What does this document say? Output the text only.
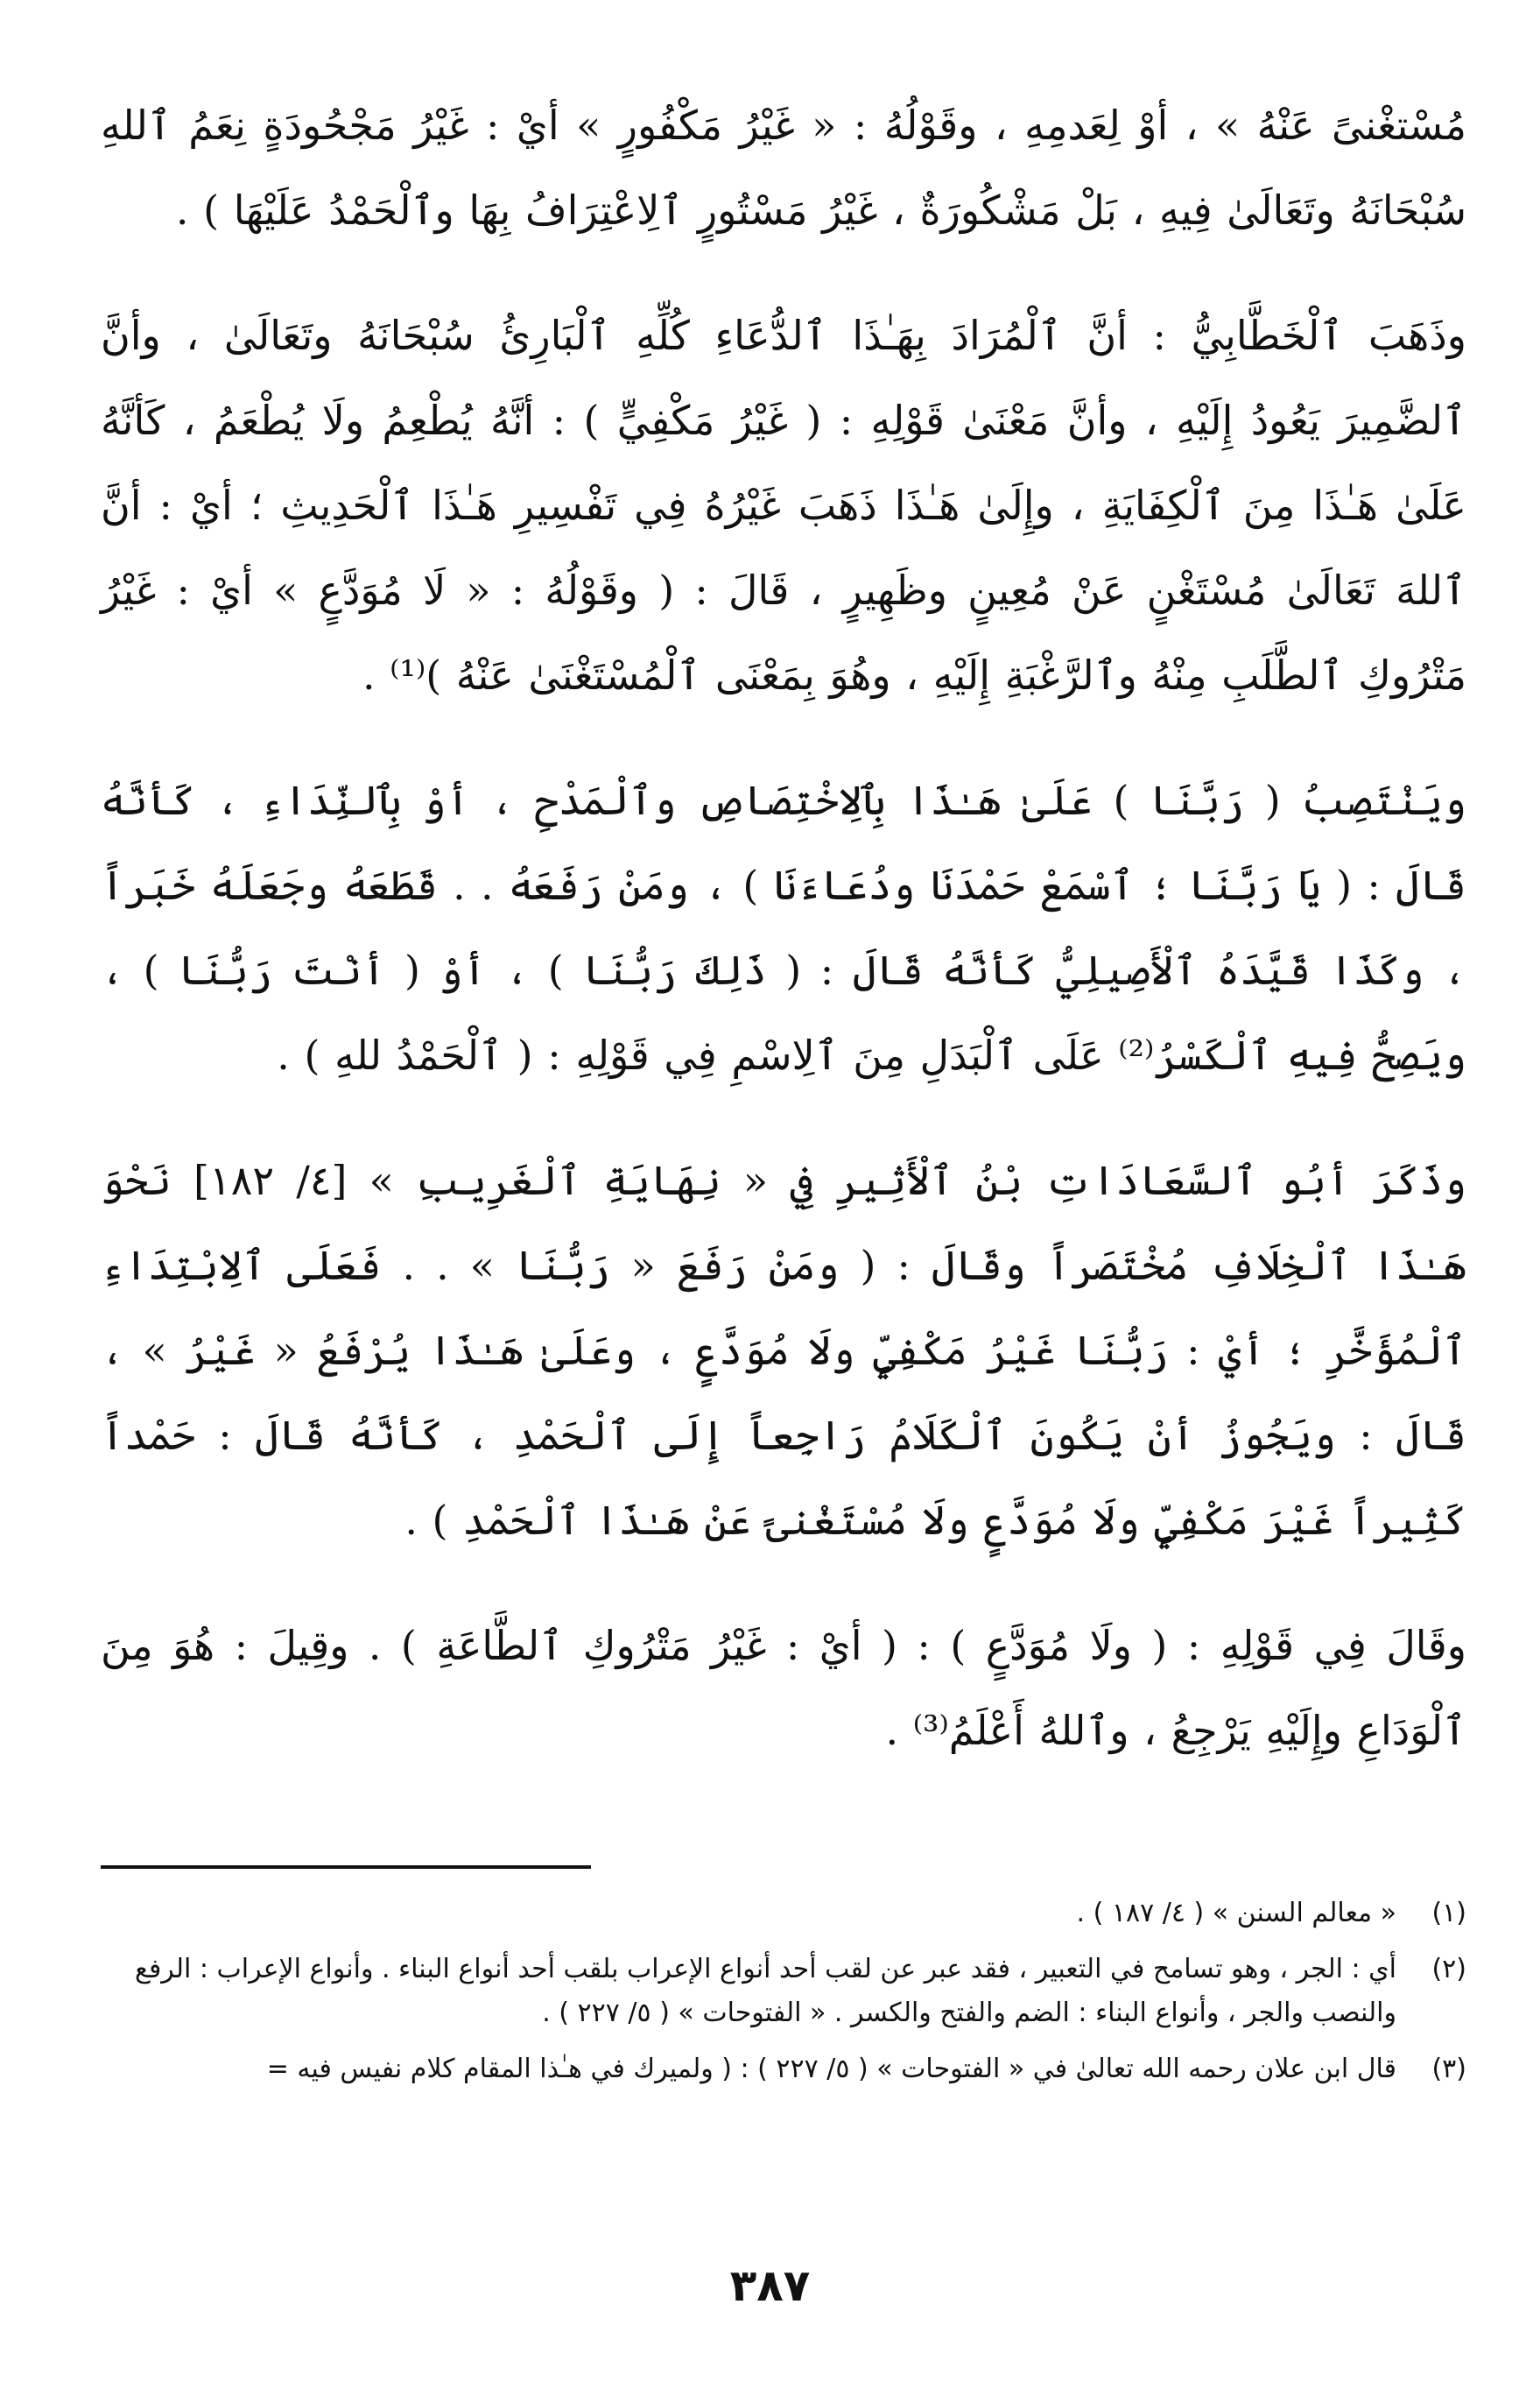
مُسْتغْنىً عَنْهُ » ، أوْ لِعَدمِهِ ، وقَوْلُهُ : « غَيْرُ مَكْفُورٍ » أيْ : غَيْرُ مَجْحُودَةٍ نِعَمُ ٱللهِ سُبْحَانَهُ وتَعَالَىٰ فِيهِ ، بَلْ مَشْكُورَةٌ ، غَيْرُ مَسْتُورٍ ٱلِاعْتِرَافُ بِهَا وٱلْحَمْدُ عَلَيْهَا ) .

وذَهَبَ ٱلْخَطَّابِيُّ : أنَّ ٱلْمُرَادَ بِهَـٰذَا ٱلدُّعَاءِ كُلِّهِ ٱلْبَارِئُ سُبْحَانَهُ وتَعَالَىٰ ، وأنَّ ٱلضَّمِيرَ يَعُودُ إِلَيْهِ ، وأنَّ مَعْنَىٰ قَوْلِهِ : ( غَيْرُ مَكْفِيٍّ ) : أنَّهُ يُطْعِمُ ولَا يُطْعَمُ ، كَأنَّهُ عَلَىٰ هَـٰذَا مِنَ ٱلْكِفَايَةِ ، وإِلَىٰ هَـٰذَا ذَهَبَ غَيْرُهُ فِي تَفْسِيرِ هَـٰذَا ٱلْحَدِيثِ ؛ أيْ : أنَّ ٱللهَ تَعَالَىٰ مُسْتَغْنٍ عَنْ مُعِينٍ وظَهِيرٍ ، قَالَ : ( وقَوْلُهُ : « لَا مُوَدَّعٍ » أيْ : غَيْرُ مَتْرُوكِ ٱلطَّلَبِ مِنْهُ وٱلرَّغْبَةِ إِلَيْهِ ، وهُوَ بِمَعْنَى ٱلْمُسْتَغْنَىٰ عَنْهُ )⁽¹⁾ .

ويَنْتَصِبُ ( رَبَّنَا ) عَلَىٰ هَـٰذَا بِٱلِاخْتِصَاصِ وٱلْمَدْحِ ، أوْ بِٱلنِّدَاءِ ، كَأنَّهُ قَالَ : ( يَا رَبَّنَا ؛ ٱسْمَعْ حَمْدَنَا ودُعَاءَنَا ) ، ومَنْ رَفَعَهُ . . قَطَعَهُ وجَعَلَهُ خَبَراً ، وكَذَا قَيَّدَهُ ٱلْأَصِيلِيُّ كَأنَّهُ قَالَ : ( ذَلِكَ رَبُّنَا ) ، أوْ ( أنْتَ رَبُّنَا ) ، ويَصِحُّ فِيهِ ٱلْكَسْرُ⁽²⁾ عَلَى ٱلْبَدَلِ مِنَ ٱلِاسْمِ فِي قَوْلِهِ : ( ٱلْحَمْدُ للهِ ) .

وذَكَرَ أبُو ٱلسَّعَادَاتِ بْنُ ٱلْأَثِيرِ فِي « نِهَايَةِ ٱلْغَرِيبِ » [٤/ ١٨٢] نَحْوَ هَـٰذَا ٱلْخِلَافِ مُخْتَصَراً وقَالَ : ( ومَنْ رَفَعَ « رَبُّنَا » . . فَعَلَى ٱلِابْتِدَاءِ ٱلْمُؤَخَّرِ ؛ أيْ : رَبُّنَا غَيْرُ مَكْفِيٍّ ولَا مُوَدَّعٍ ، وعَلَىٰ هَـٰذَا يُرْفَعُ « غَيْرُ » ، قَالَ : ويَجُوزُ أنْ يَكُونَ ٱلْكَلَامُ رَاجِعاً إِلَى ٱلْحَمْدِ ، كَأنَّهُ قَالَ : حَمْداً كَثِيراً غَيْرَ مَكْفِيٍّ ولَا مُوَدَّعٍ ولَا مُسْتَغْنىً عَنْ هَـٰذَا ٱلْحَمْدِ ) .

وقَالَ فِي قَوْلِهِ : ( ولَا مُوَدَّعٍ ) : ( أيْ : غَيْرُ مَتْرُوكِ ٱلطَّاعَةِ ) . وقِيلَ : هُوَ مِنَ ٱلْوَدَاعِ وإِلَيْهِ يَرْجِعُ ، وٱللهُ أَعْلَمُ⁽³⁾ .

(١)
« معالم السنن » ( ٤/ ١٨٧ ) .
(٢)
أي : الجر ، وهو تسامح في التعبير ، فقد عبر عن لقب أحد أنواع الإعراب بلقب أحد أنواع البناء . وأنواع الإعراب : الرفع والنصب والجر ، وأنواع البناء : الضم والفتح والكسر . « الفتوحات » ( ٥/ ٢٢٧ ) .
(٣)
قال ابن علان رحمه الله تعالىٰ في « الفتوحات » ( ٥/ ٢٢٧ ) : ( ولميرك في هـٰذا المقام كلام نفيس فيه =
٣٨٧
